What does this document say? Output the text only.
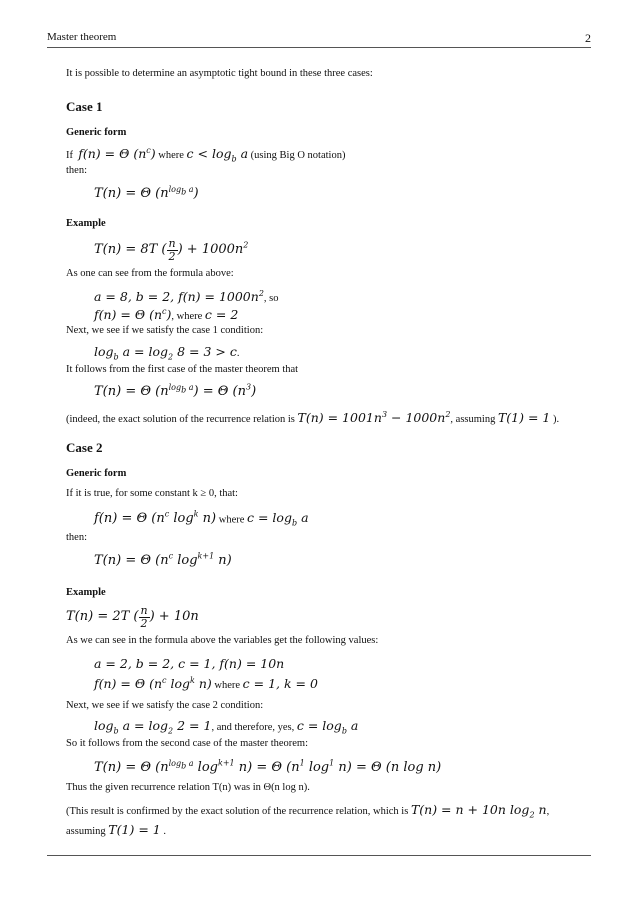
Master theorem	2
It is possible to determine an asymptotic tight bound in these three cases:
Case 1
Generic form
If f(n) = Θ $(n^c)$ where $c < \log_b a$ (using Big O notation)
then:
T(n) = Θ $(n^{log_b a})$
Example
T(n) = 8T ( $\frac{n}{2}$ ) + $1000n^2$
As one can see from the formula above:
a = 8, b = 2, $f(n) = 1000n^2$, so
f(n) = Θ $(n^c)$, where c = 2
Next, we see if we satisfy the case 1 condition:
$\log_b a = \log_2 8 = 3 > c$.
It follows from the first case of the master theorem that
T(n) = Θ $(n^{log_b a}) = \Theta$ $(n^3)$
(indeed, the exact solution of the recurrence relation is $T(n) = 1001n^3 - 1000n^2$, assuming T(1) = 1 ).
Case 2
Generic form
If it is true, for some constant k ≥ 0, that:
f(n) = Θ ($n^c$ $\log^k n$) where $c = \log_b a$
then:
T(n) = Θ ($n^c$ $\log^{k+1} n$)
Example
T(n) = 2T ( $\frac{n}{2}$ ) + 10n
As we can see in the formula above the variables get the following values:
a = 2, b = 2, c = 1, f(n) = 10n
f(n) = Θ ($n^c$ $\log^k n$) where c = 1, k = 0
Next, we see if we satisfy the case 2 condition:
$\log_b a = \log_2 2 = 1$, and therefore, yes, $c = \log_b a$
So it follows from the second case of the master theorem:
T(n) = Θ ($n^{log_b a}$ $\log^{k+1} n) = \Theta$ ($n^1$ $\log^1 n) = \Theta$ (n log n)
Thus the given recurrence relation T(n) was in Θ(n log n).
(This result is confirmed by the exact solution of the recurrence relation, which is T(n) = n + 10n $\log_2 n$,
assuming T(1) = 1 .
